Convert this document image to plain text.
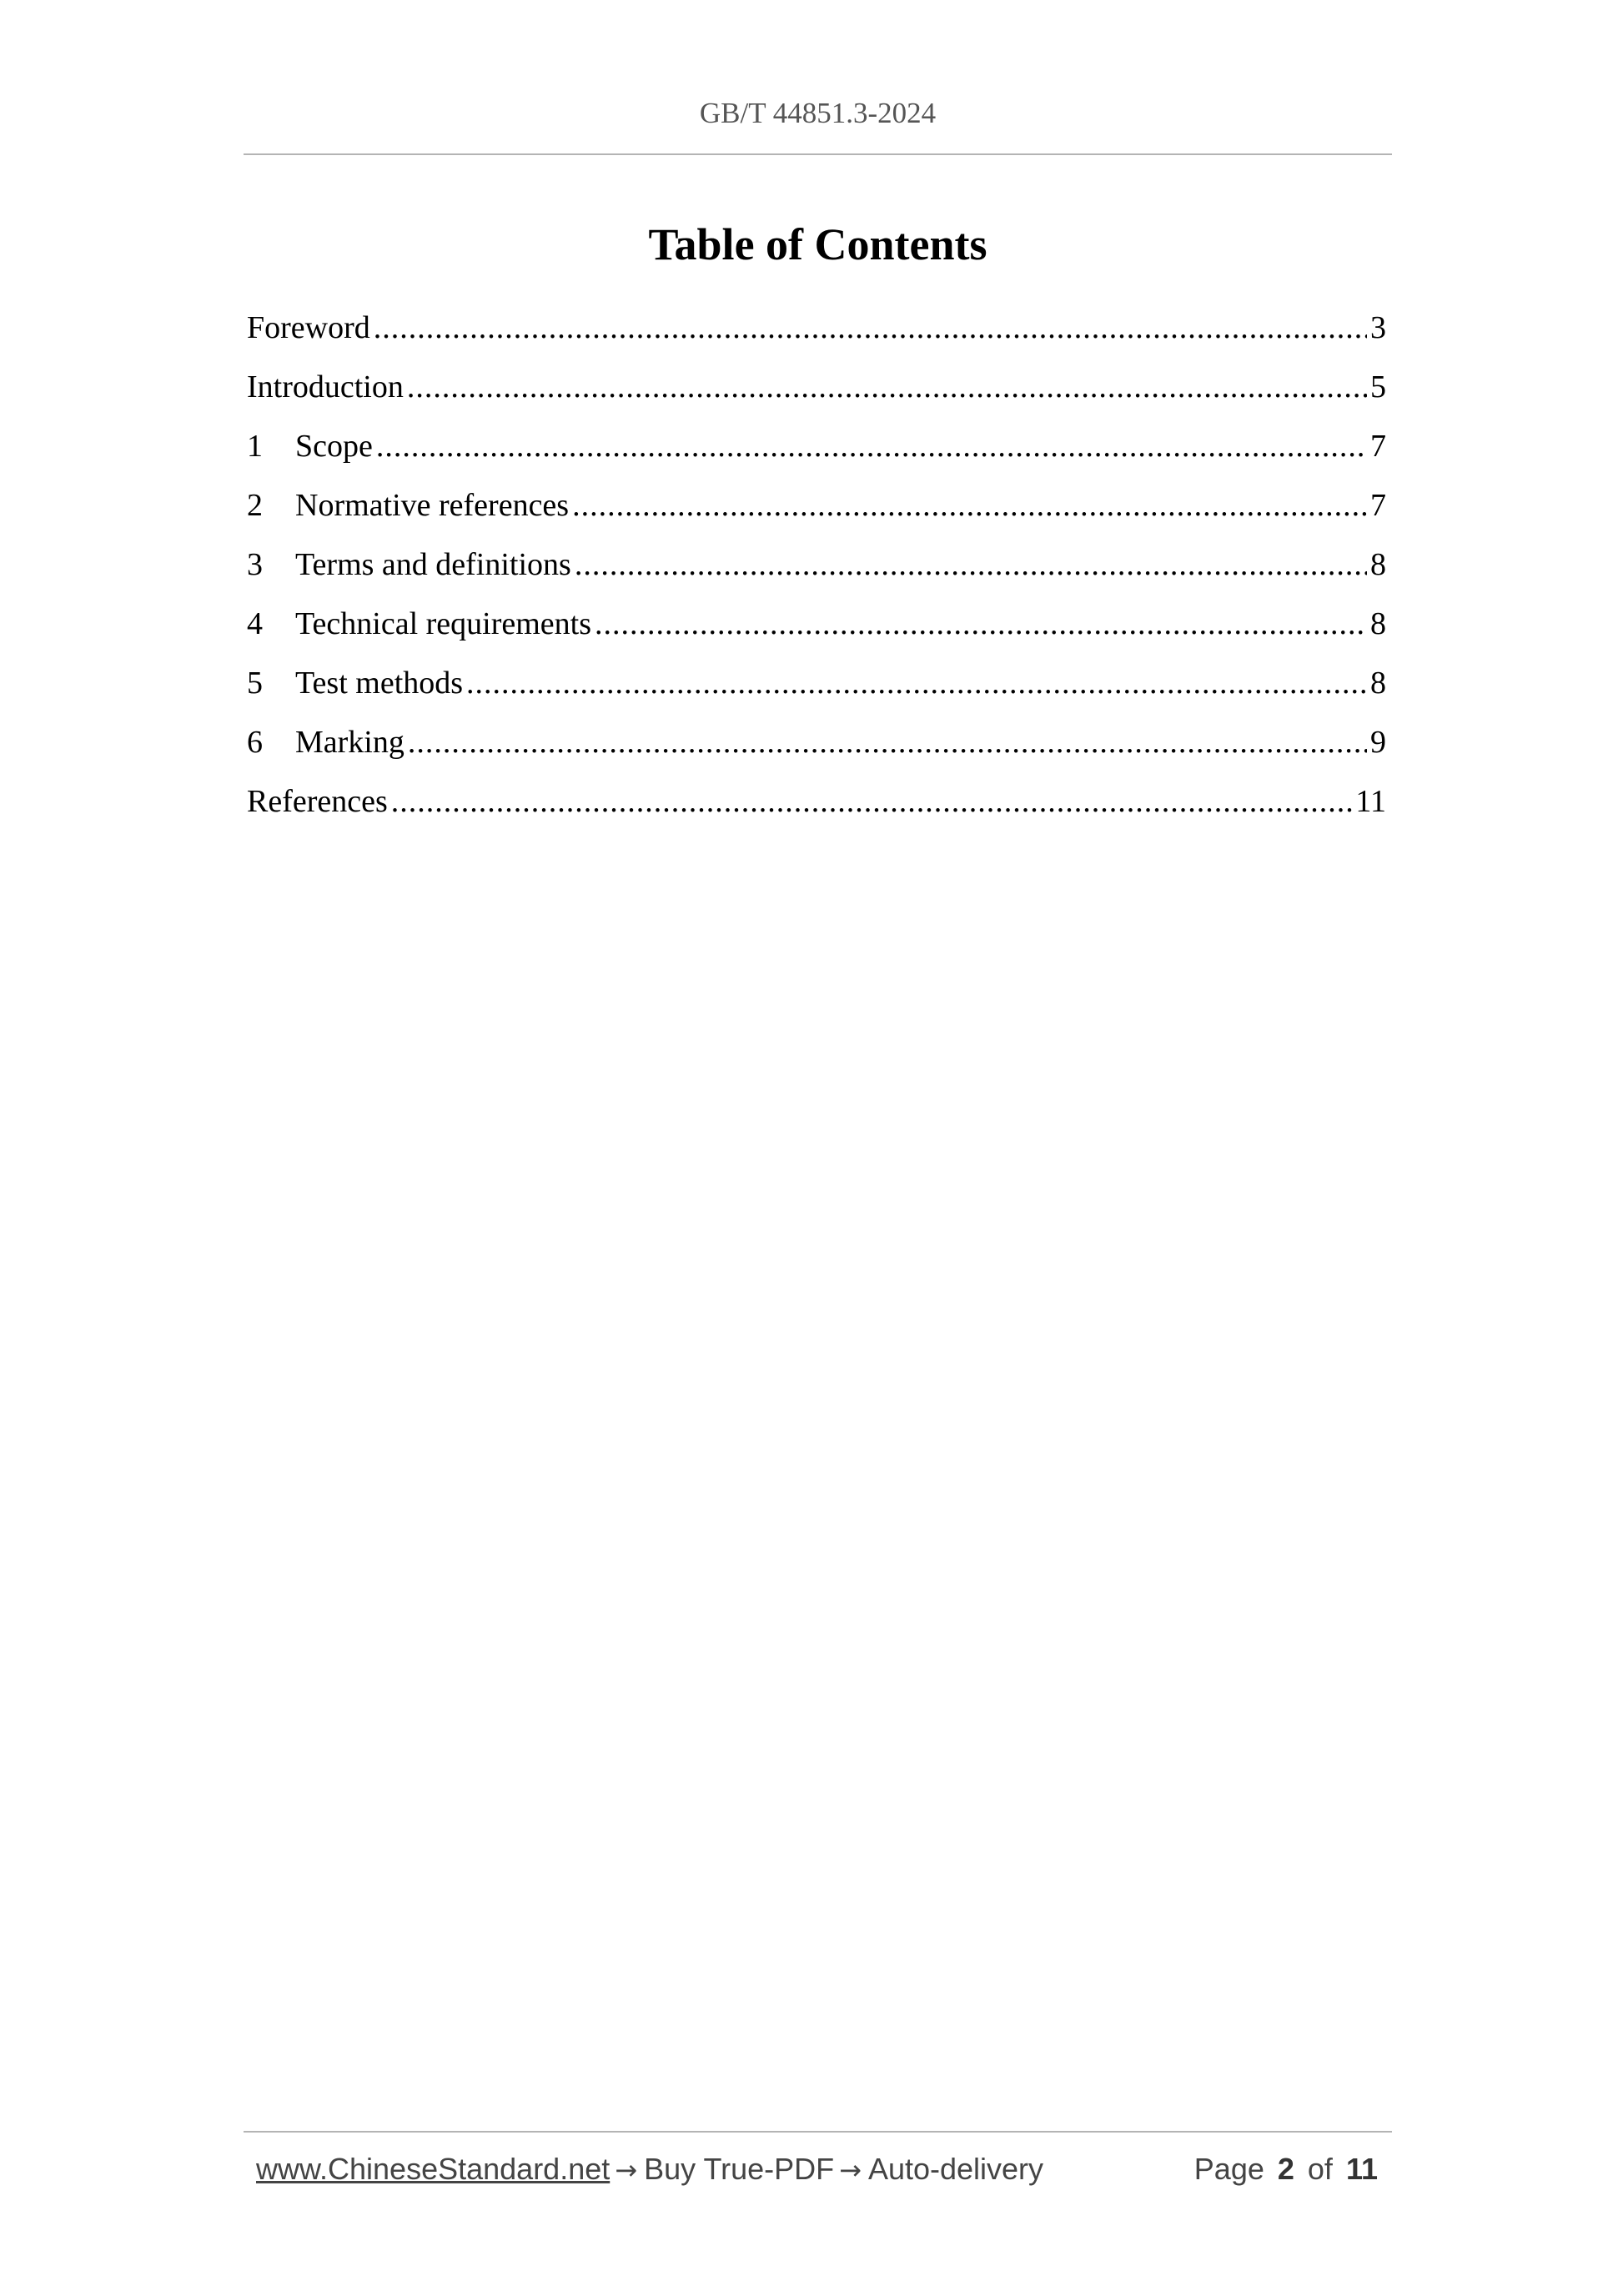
GB/T 44851.3-2024
Table of Contents
Foreword .....	3
Introduction .....	5
1	Scope .....	7
2	Normative references .....	7
3	Terms and definitions .....	8
4	Technical requirements .....	8
5	Test methods .....	8
6	Marking .....	9
References .....	11
www.ChineseStandard.net → Buy True-PDF → Auto-delivery	Page 2 of 11
